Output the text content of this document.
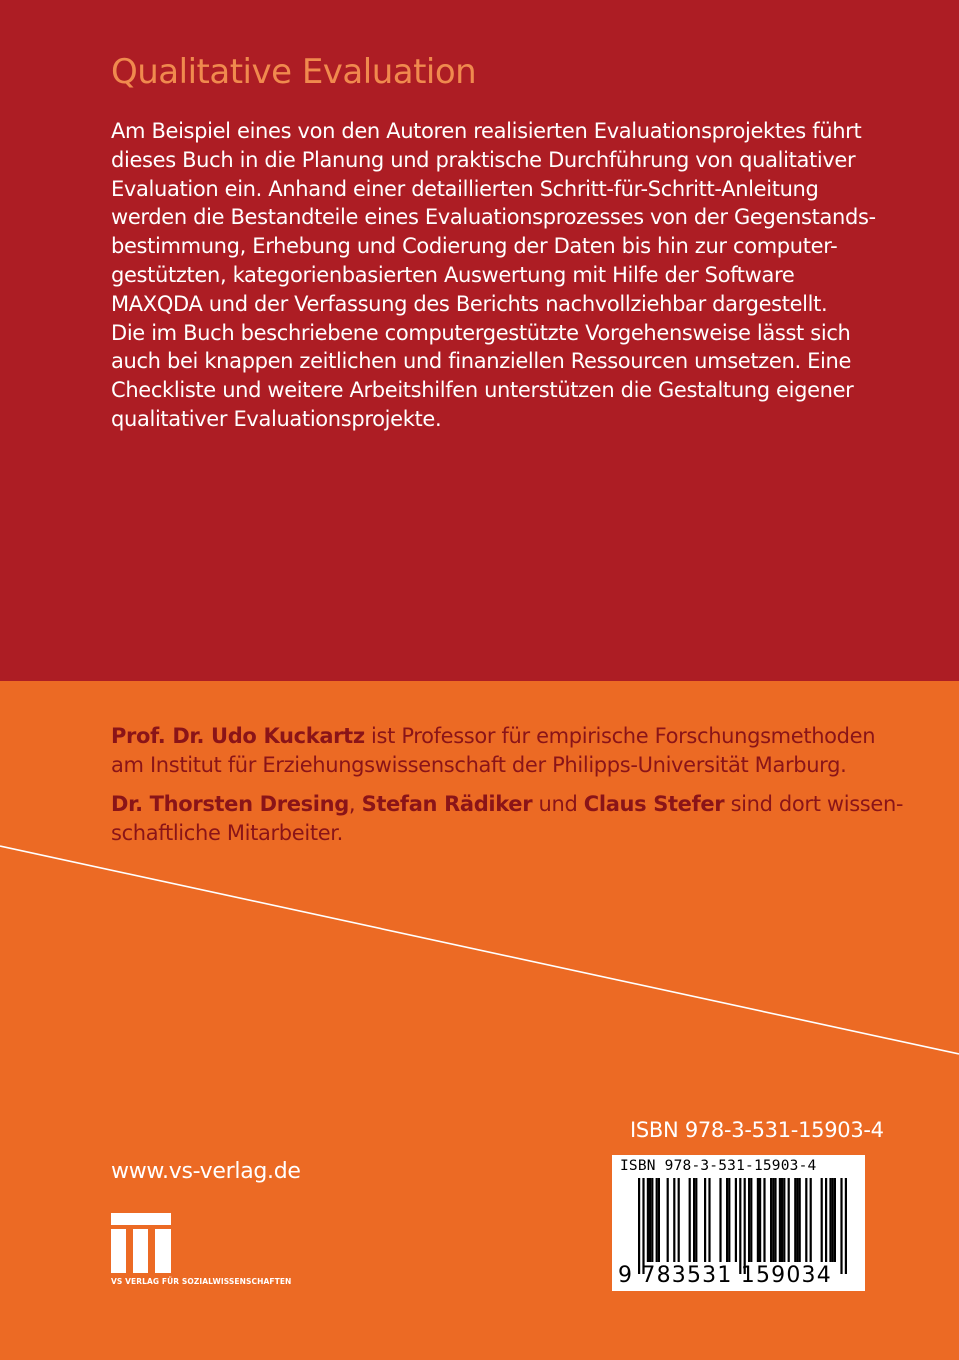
Qualitative Evaluation
Am Beispiel eines von den Autoren realisierten Evaluationsprojektes führt
dieses Buch in die Planung und praktische Durchführung von qualitativer
Evaluation ein. Anhand einer detaillierten Schritt-für-Schritt-Anleitung
werden die Bestandteile eines Evaluationsprozesses von der Gegenstands-
bestimmung, Erhebung und Codierung der Daten bis hin zur computer-
gestützten, kategorienbasierten Auswertung mit Hilfe der Software
MAXQDA und der Verfassung des Berichts nachvollziehbar dargestellt.
Die im Buch beschriebene computergestützte Vorgehensweise lässt sich
auch bei knappen zeitlichen und finanziellen Ressourcen umsetzen. Eine
Checkliste und weitere Arbeitshilfen unterstützen die Gestaltung eigener
qualitativer Evaluationsprojekte.

Prof. Dr. Udo Kuckartz ist Professor für empirische Forschungsmethoden
am Institut für Erziehungswissenschaft der Philipps-Universität Marburg.

Dr. Thorsten Dresing, Stefan Rädiker und Claus Stefer sind dort wissen-
schaftliche Mitarbeiter.

ISBN 978-3-531-15903-4
www.vs-verlag.de
VS VERLAG FÜR SOZIALWISSENSCHAFTEN
ISBN 978-3-531-15903-4
9 783531 159034
